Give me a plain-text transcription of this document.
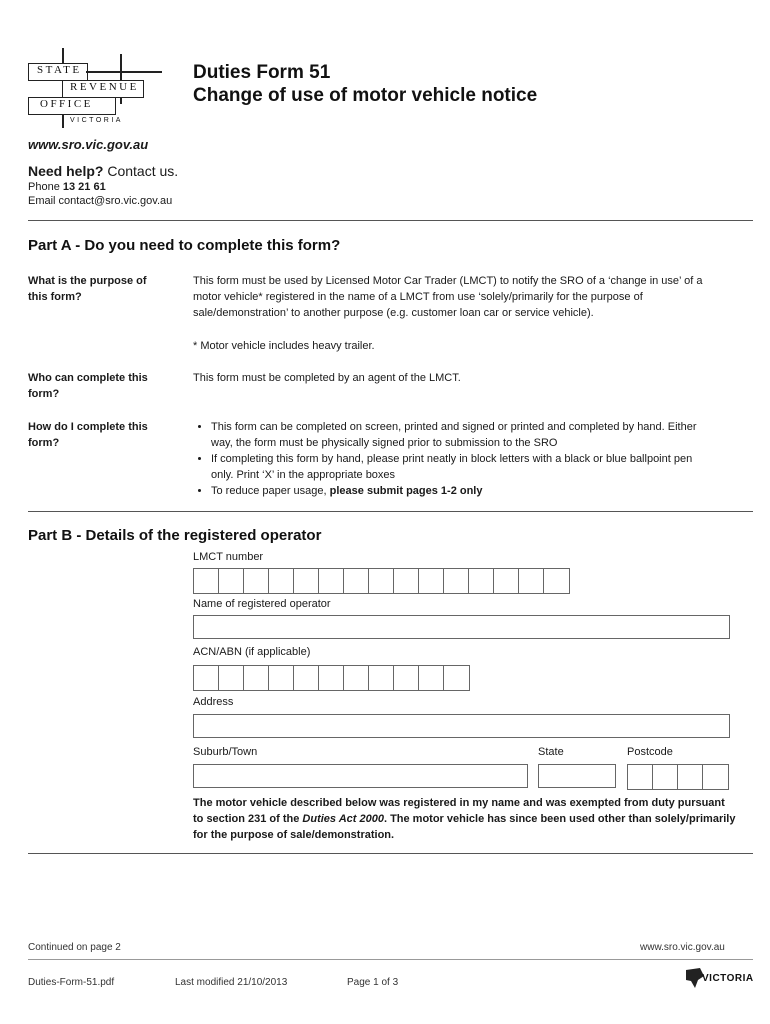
STATE
REVENUE
OFFICE
VICTORIA
Duties Form 51
Change of use of motor vehicle notice
www.sro.vic.gov.au
Need help? Contact us.
Phone 13 21 61
Email contact@sro.vic.gov.au
Part A - Do you need to complete this form?
What is the purpose of this form?
This form must be used by Licensed Motor Car Trader (LMCT) to notify the SRO of a ‘change in use’ of a motor vehicle* registered in the name of a LMCT from use ‘solely/primarily for the purpose of sale/demonstration’ to another purpose (e.g. customer loan car or service vehicle).
* Motor vehicle includes heavy trailer.
Who can complete this form?
This form must be completed by an agent of the LMCT.
How do I complete this form?
• This form can be completed on screen, printed and signed or printed and completed by hand. Either way, the form must be physically signed prior to submission to the SRO
• If completing this form by hand, please print neatly in block letters with a black or blue ballpoint pen only. Print ‘X’ in the appropriate boxes
• To reduce paper usage, please submit pages 1-2 only
Part B - Details of the registered operator
LMCT number
Name of registered operator
ACN/ABN (if applicable)
Address
Suburb/Town	State	Postcode
The motor vehicle described below was registered in my name and was exempted from duty pursuant to section 231 of the Duties Act 2000. The motor vehicle has since been used other than solely/primarily for the purpose of sale/demonstration.
Continued on page 2	www.sro.vic.gov.au
Duties-Form-51.pdf	Last modified 21/10/2013	Page 1 of 3	VICTORIA
